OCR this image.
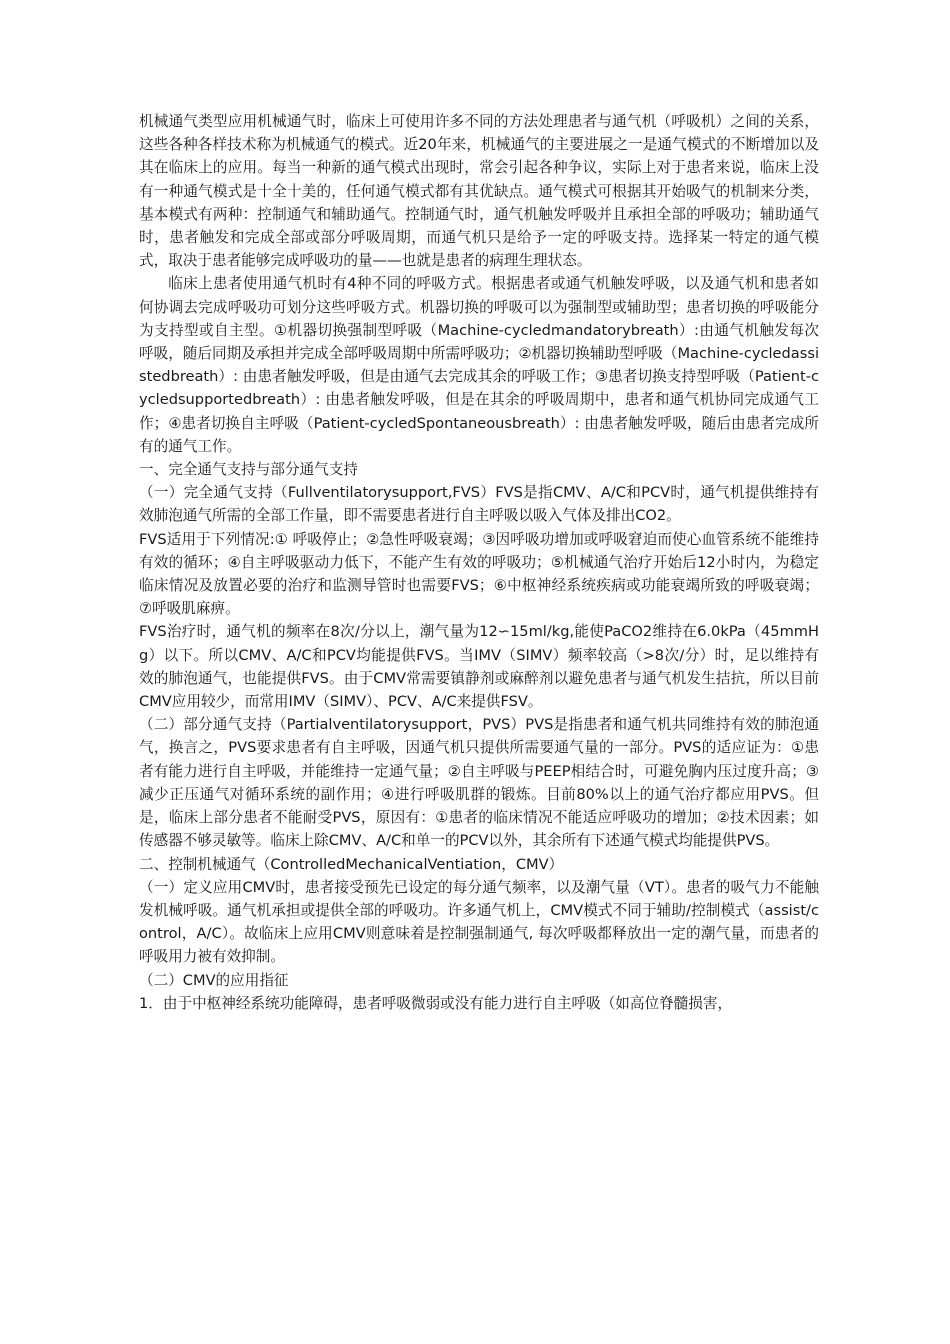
机械通气类型应用机械通气时，临床上可使用许多不同的方法处理患者与通气机（呼吸机）之间的关系，这些各种各样技术称为机械通气的模式。近20年来，机械通气的主要进展之一是通气模式的不断增加以及其在临床上的应用。每当一种新的通气模式出现时，常会引起各种争议，实际上对于患者来说，临床上没有一种通气模式是十全十美的，任何通气模式都有其优缺点。通气模式可根据其开始吸气的机制来分类，基本模式有两种：控制通气和辅助通气。控制通气时，通气机触发呼吸并且承担全部的呼吸功；辅助通气时，患者触发和完成全部或部分呼吸周期，而通气机只是给予一定的呼吸支持。选择某一特定的通气模式，取决于患者能够完成呼吸功的量——也就是患者的病理生理状态。

临床上患者使用通气机时有4种不同的呼吸方式。根据患者或通气机触发呼吸，以及通气机和患者如何协调去完成呼吸功可划分这些呼吸方式。机器切换的呼吸可以为强制型或辅助型；患者切换的呼吸能分为支持型或自主型。①机器切换强制型呼吸（Machine-cycledmandatorybreath）:由通气机触发每次呼吸，随后同期及承担并完成全部呼吸周期中所需呼吸功；②机器切换辅助型呼吸（Machine-cycledassistedbreath）: 由患者触发呼吸，但是由通气去完成其余的呼吸工作；③患者切换支持型呼吸（Patient-cycledsupportedbreath）: 由患者触发呼吸，但是在其余的呼吸周期中，患者和通气机协同完成通气工作；④患者切换自主呼吸（Patient-cycledSpontaneousbreath）: 由患者触发呼吸，随后由患者完成所有的通气工作。

一、完全通气支持与部分通气支持

（一）完全通气支持（Fullventilatorysupport,FVS）FVS是指CMV、A/C和PCV时，通气机提供维持有效肺泡通气所需的全部工作量，即不需要患者进行自主呼吸以吸入气体及排出CO2。

FVS适用于下列情况:① 呼吸停止；②急性呼吸衰竭；③因呼吸功增加或呼吸窘迫而使心血管系统不能维持有效的循环；④自主呼吸驱动力低下，不能产生有效的呼吸功；⑤机械通气治疗开始后12小时内，为稳定临床情况及放置必要的治疗和监测导管时也需要FVS；⑥中枢神经系统疾病或功能衰竭所致的呼吸衰竭；⑦呼吸肌麻痹。

FVS治疗时，通气机的频率在8次/分以上，潮气量为12∽15ml/kg,能使PaCO2维持在6.0kPa（45mmHg）以下。所以CMV、A/C和PCV均能提供FVS。当IMV（SIMV）频率较高（>8次/分）时，足以维持有效的肺泡通气，也能提供FVS。由于CMV常需要镇静剂或麻醉剂以避免患者与通气机发生拮抗，所以目前CMV应用较少，而常用IMV（SIMV）、PCV、A/C来提供FSV。

（二）部分通气支持（Partialventilatorysupport，PVS）PVS是指患者和通气机共同维持有效的肺泡通气，换言之，PVS要求患者有自主呼吸，因通气机只提供所需要通气量的一部分。PVS的适应证为：①患者有能力进行自主呼吸，并能维持一定通气量；②自主呼吸与PEEP相结合时，可避免胸内压过度升高；③减少正压通气对循环系统的副作用；④进行呼吸肌群的锻炼。目前80%以上的通气治疗都应用PVS。但是，临床上部分患者不能耐受PVS，原因有：①患者的临床情况不能适应呼吸功的增加；②技术因素；如传感器不够灵敏等。临床上除CMV、A/C和单一的PCV以外，其余所有下述通气模式均能提供PVS。

二、控制机械通气（ControlledMechanicalVentiation，CMV）

（一）定义应用CMV时，患者接受预先已设定的每分通气频率，以及潮气量（VT）。患者的吸气力不能触发机械呼吸。通气机承担或提供全部的呼吸功。许多通气机上，CMV模式不同于辅助/控制模式（assist/control，A/C）。故临床上应用CMV则意味着是控制强制通气, 每次呼吸都释放出一定的潮气量，而患者的呼吸用力被有效抑制。

（二）CMV的应用指征

1．由于中枢神经系统功能障碍，患者呼吸微弱或没有能力进行自主呼吸（如高位脊髓损害，
